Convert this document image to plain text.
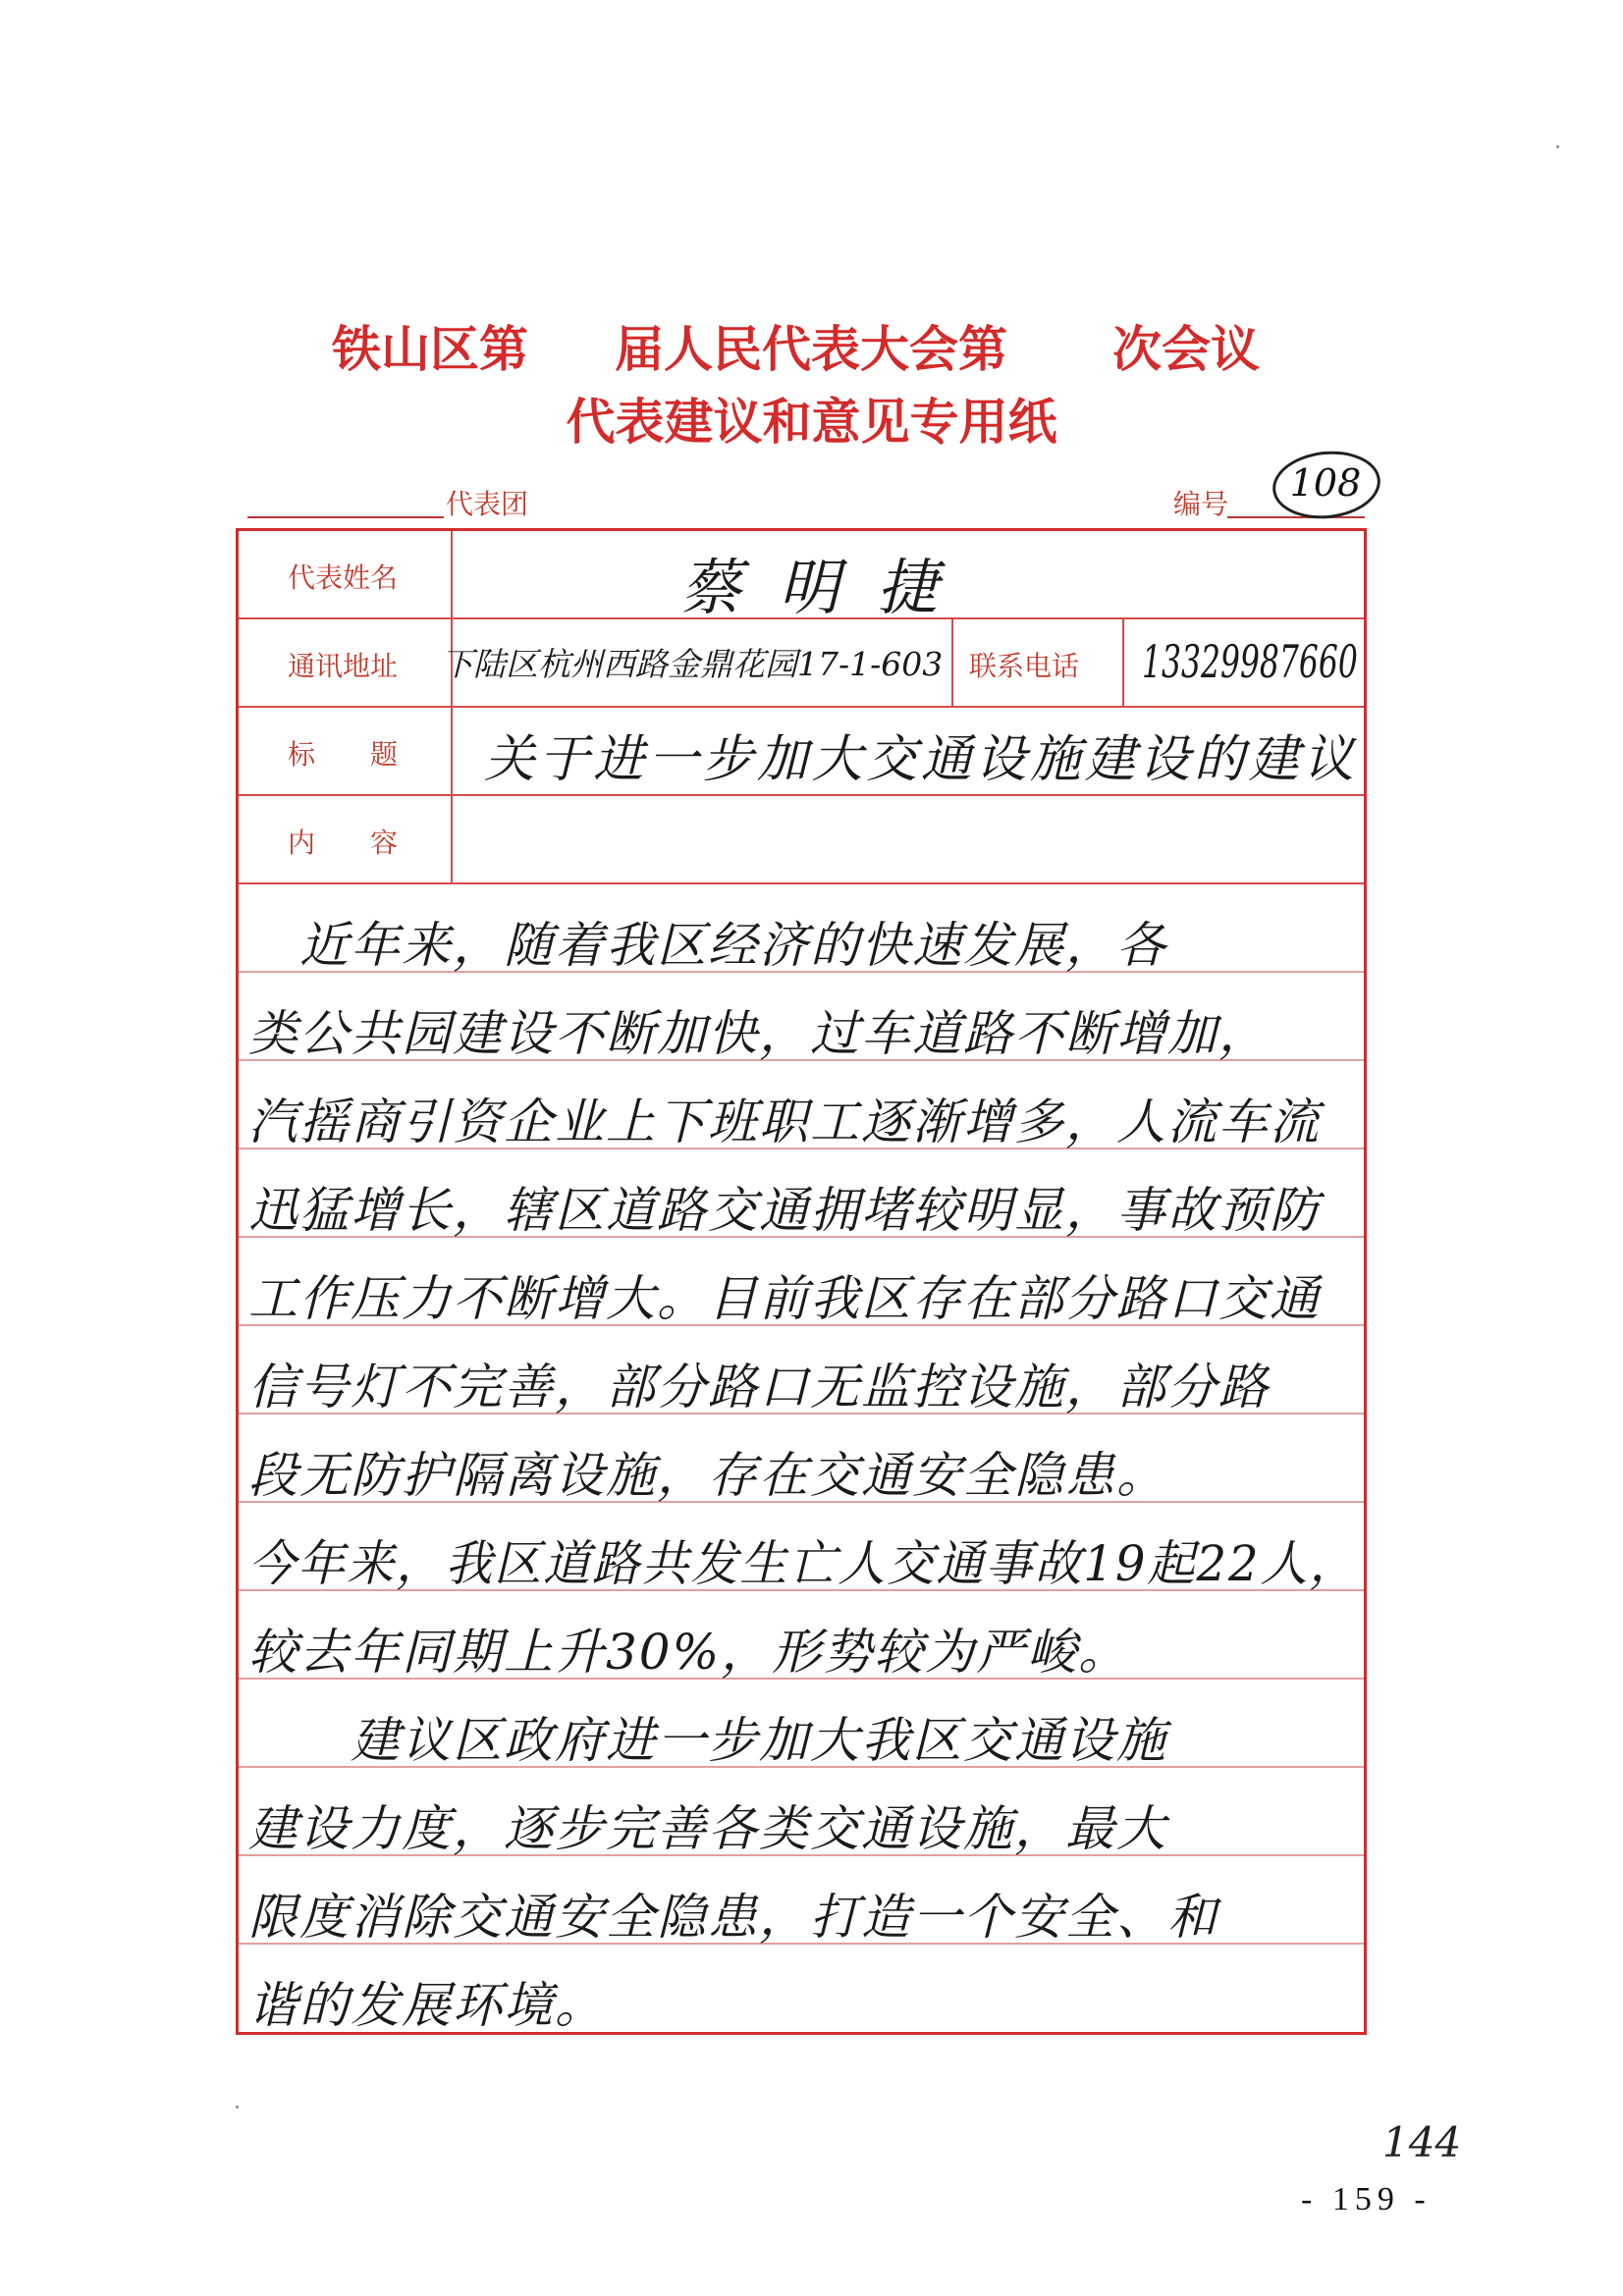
铁山区第 届人民代表大会第 次会议
代表建议和意见专用纸
代表团	编号	108
代表姓名	蔡明捷
通讯地址 下陆区杭州西路金鼎花园17-1-603 联系电话 13329987660
标　　题 关于进一步加大交通设施建设的建议
内　　容
　近年来，随着我区经济的快速发展，各
类公共园建设不断加快，过车道路不断增加，
汽摇商引资企业上下班职工逐渐增多，人流车流
迅猛增长，辖区道路交通拥堵较明显，事故预防
工作压力不断增大。目前我区存在部分路口交通
信号灯不完善，部分路口无监控设施，部分路
段无防护隔离设施，存在交通安全隐患。
今年来，我区道路共发生亡人交通事故19起22人，
较去年同期上升30%，形势较为严峻。
　　建议区政府进一步加大我区交通设施
建设力度，逐步完善各类交通设施，最大
限度消除交通安全隐患，打造一个安全、和
谐的发展环境。
144
- 159 -
